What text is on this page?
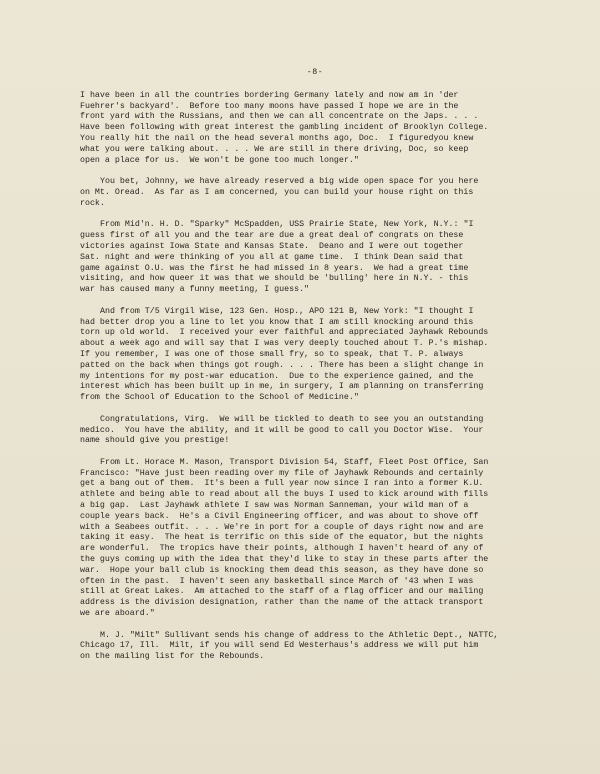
-8-
I have been in all the countries bordering Germany lately and now am in 'der
Fuehrer's backyard'.  Before too many moons have passed I hope we are in the
front yard with the Russians, and then we can all concentrate on the Japs. . . .
Have been following with great interest the gambling incident of Brooklyn College.
You really hit the nail on the head several months ago, Doc.  I figuredyou knew
what you were talking about. . . . We are still in there driving, Doc, so keep
open a place for us.  We won't be gone too much longer."
You bet, Johnny, we have already reserved a big wide open space for you here
on Mt. Oread.  As far as I am concerned, you can build your house right on this
rock.
From Mid'n. H. D. "Sparky" McSpadden, USS Prairie State, New York, N.Y.: "I
guess first of all you and the tear are due a great deal of congrats on these
victories against Iowa State and Kansas State.  Deano and I were out together
Sat. night and were thinking of you all at game time.  I think Dean said that
game against O.U. was the first he had missed in 8 years.  We had a great time
visiting, and how queer it was that we should be 'bulling' here in N.Y. - this
war has caused many a funny meeting, I guess."
And from T/5 Virgil Wise, 123 Gen. Hosp., APO 121 B, New York: "I thought I
had better drop you a line to let you know that I am still knocking around this
torn up old world.  I received your ever faithful and appreciated Jayhawk Rebounds
about a week ago and will say that I was very deeply touched about T. P.'s mishap.
If you remember, I was one of those small fry, so to speak, that T. P. always
patted on the back when things got rough. . . . There has been a slight change in
my intentions for my post-war education.  Due to the experience gained, and the
interest which has been built up in me, in surgery, I am planning on transferring
from the School of Education to the School of Medicine."
Congratulations, Virg.  We will be tickled to death to see you an outstanding
medico.  You have the ability, and it will be good to call you Doctor Wise.  Your
name should give you prestige!
From Lt. Horace M. Mason, Transport Division 54, Staff, Fleet Post Office, San
Francisco: "Have just been reading over my file of Jayhawk Rebounds and certainly
get a bang out of them.  It's been a full year now since I ran into a former K.U.
athlete and being able to read about all the buys I used to kick around with fills
a big gap.  Last Jayhawk athlete I saw was Norman Sanneman, your wild man of a
couple years back.  He's a Civil Engineering officer, and was about to shove off
with a Seabees outfit. . . . We're in port for a couple of days right now and are
taking it easy.  The heat is terrific on this side of the equator, but the nights
are wonderful.  The tropics have their points, although I haven't heard of any of
the guys coming up with the idea that they'd like to stay in these parts after the
war.  Hope your ball club is knocking them dead this season, as they have done so
often in the past.  I haven't seen any basketball since March of '43 when I was
still at Great Lakes.  Am attached to the staff of a flag officer and our mailing
address is the division designation, rather than the name of the attack transport
we are aboard."
M. J. "Milt" Sullivant sends his change of address to the Athletic Dept., NATTC,
Chicago 17, Ill.  Milt, if you will send Ed Westerhaus's address we will put him
on the mailing list for the Rebounds.
